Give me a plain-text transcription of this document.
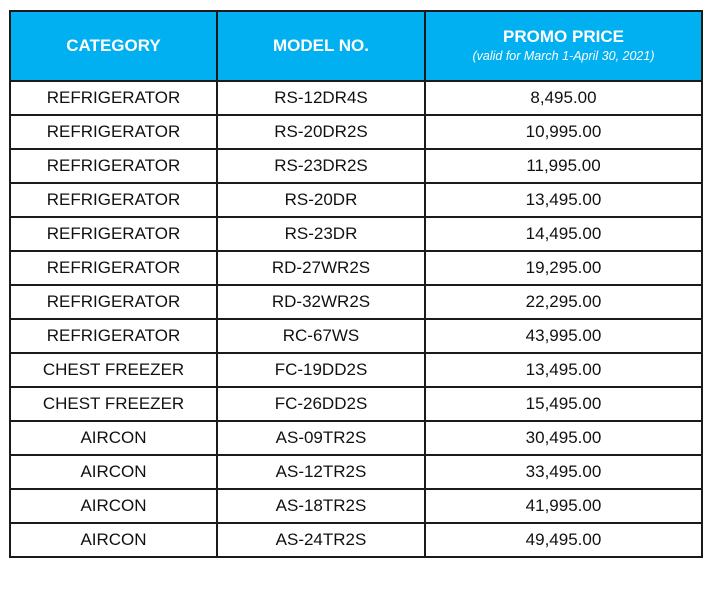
CATEGORY	MODEL NO.	PROMO PRICE
(valid for March 1-April 30, 2021)

REFRIGERATOR	RS-12DR4S	8,495.00
REFRIGERATOR	RS-20DR2S	10,995.00
REFRIGERATOR	RS-23DR2S	11,995.00
REFRIGERATOR	RS-20DR	13,495.00
REFRIGERATOR	RS-23DR	14,495.00
REFRIGERATOR	RD-27WR2S	19,295.00
REFRIGERATOR	RD-32WR2S	22,295.00
REFRIGERATOR	RC-67WS	43,995.00
CHEST FREEZER	FC-19DD2S	13,495.00
CHEST FREEZER	FC-26DD2S	15,495.00
AIRCON	AS-09TR2S	30,495.00
AIRCON	AS-12TR2S	33,495.00
AIRCON	AS-18TR2S	41,995.00
AIRCON	AS-24TR2S	49,495.00
